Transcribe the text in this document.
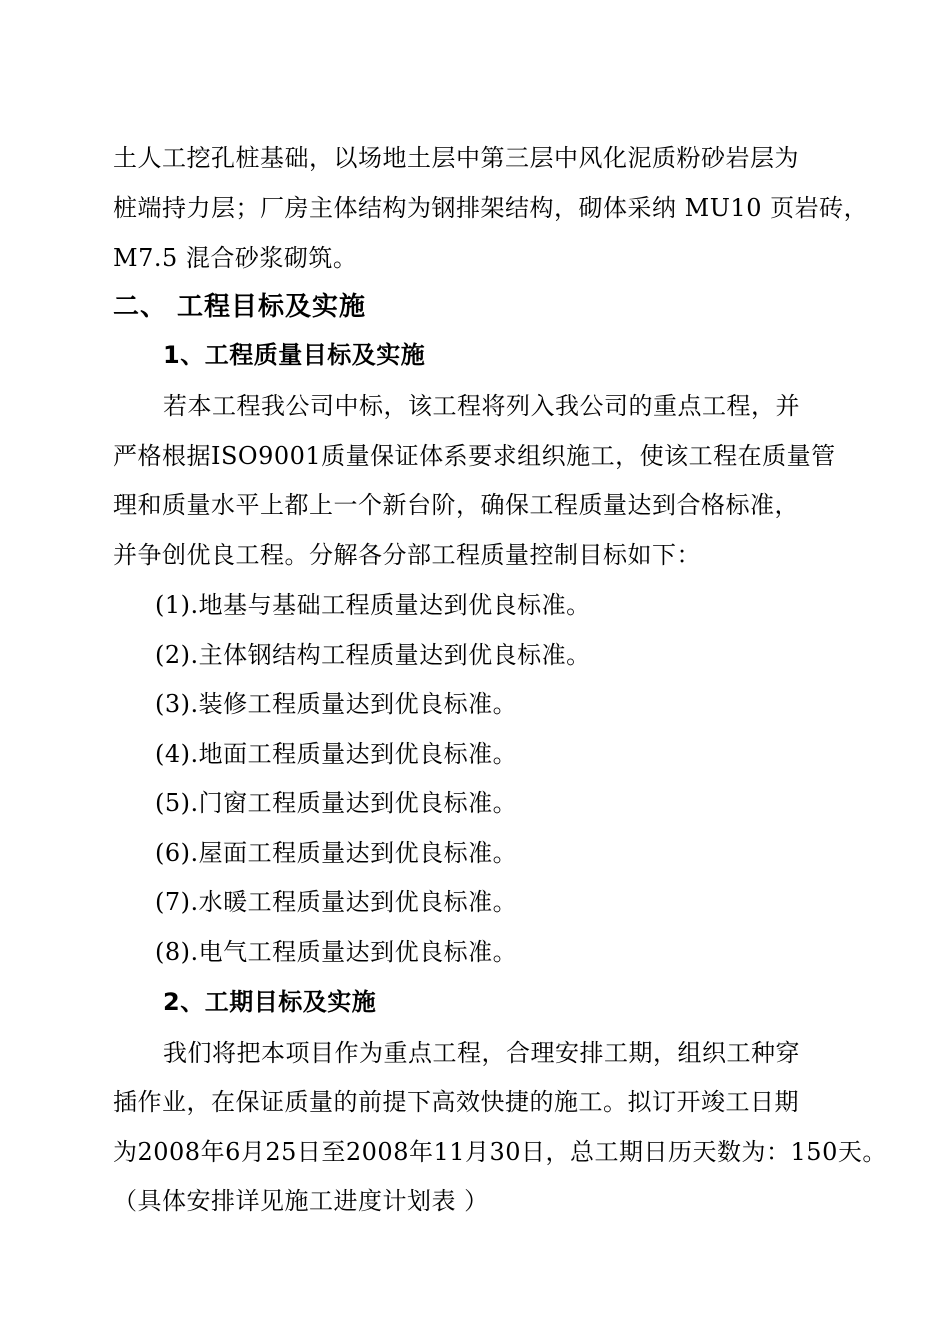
土人工挖孔桩基础，以场地土层中第三层中风化泥质粉砂岩层为
桩端持力层；厂房主体结构为钢排架结构，砌体采纳 MU10 页岩砖，
M7.5 混合砂浆砌筑。
二、 工程目标及实施
1、工程质量目标及实施
若本工程我公司中标，该工程将列入我公司的重点工程，并
严格根据ISO9001质量保证体系要求组织施工，使该工程在质量管
理和质量水平上都上一个新台阶，确保工程质量达到合格标准，
并争创优良工程。分解各分部工程质量控制目标如下：
(1).地基与基础工程质量达到优良标准。
(2).主体钢结构工程质量达到优良标准。
(3).装修工程质量达到优良标准。
(4).地面工程质量达到优良标准。
(5).门窗工程质量达到优良标准。
(6).屋面工程质量达到优良标准。
(7).水暖工程质量达到优良标准。
(8).电气工程质量达到优良标准。
2、工期目标及实施
我们将把本项目作为重点工程，合理安排工期，组织工种穿
插作业，在保证质量的前提下高效快捷的施工。拟订开竣工日期
为2008年6月25日至2008年11月30日，总工期日历天数为：150天。
（具体安排详见施工进度计划表 ）
